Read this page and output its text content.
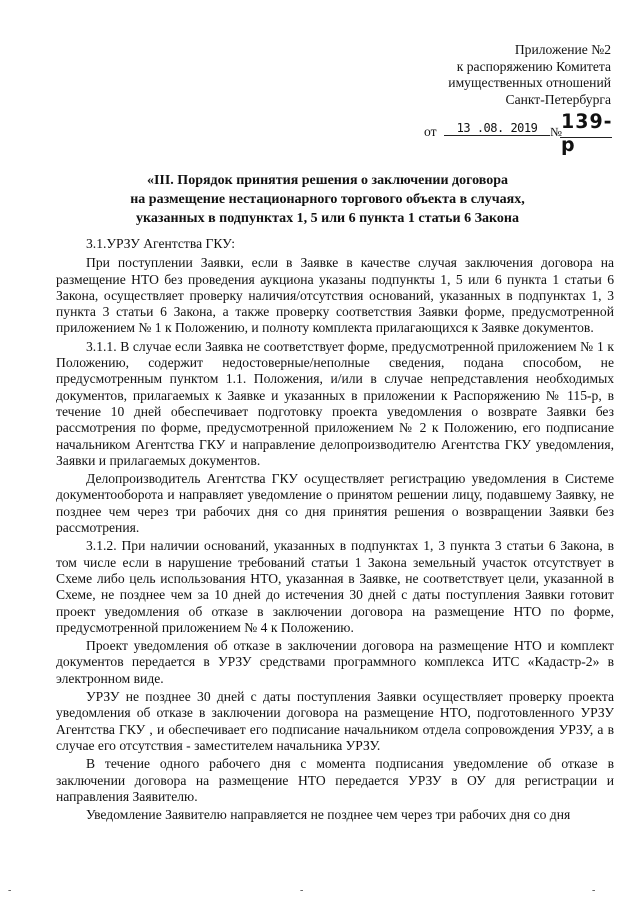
Приложение №2
к распоряжению Комитета
имущественных отношений
Санкт-Петербурга
от	13 .08. 2019	№ 139-р
«III. Порядок принятия решения о заключении договора
на размещение нестационарного торгового объекта в случаях,
указанных в подпунктах 1, 5 или 6 пункта 1 статьи 6 Закона

3.1.УРЗУ Агентства ГКУ:

При поступлении Заявки, если в Заявке в качестве случая заключения договора на размещение НТО без проведения аукциона указаны подпункты 1, 5 или 6 пункта 1 статьи 6 Закона, осуществляет проверку наличия/отсутствия оснований, указанных в подпунктах 1, 3 пункта 3 статьи 6 Закона, а также проверку соответствия Заявки форме, предусмотренной приложением № 1 к Положению, и полноту комплекта прилагающихся к Заявке документов.

3.1.1. В случае если Заявка не соответствует форме, предусмотренной приложением № 1 к Положению, содержит недостоверные/неполные сведения, подана способом, не предусмотренным пунктом 1.1. Положения, и/или в случае непредставления необходимых документов, прилагаемых к Заявке и указанных в приложении к Распоряжению № 115-р, в течение 10 дней обеспечивает подготовку проекта уведомления о возврате Заявки без рассмотрения по форме, предусмотренной приложением № 2 к Положению, его подписание начальником Агентства ГКУ и направление делопроизводителю Агентства ГКУ уведомления, Заявки и прилагаемых документов.

Делопроизводитель Агентства ГКУ осуществляет регистрацию уведомления в Системе документооборота и направляет уведомление о принятом решении лицу, подавшему Заявку, не позднее чем через три рабочих дня со дня принятия решения о возвращении Заявки без рассмотрения.

3.1.2. При наличии оснований, указанных в подпунктах 1, 3 пункта 3 статьи 6 Закона, в том числе если в нарушение требований статьи 1 Закона земельный участок отсутствует в Схеме либо цель использования НТО, указанная в Заявке, не соответствует цели, указанной в Схеме, не позднее чем за 10 дней до истечения 30 дней с даты поступления Заявки готовит проект уведомления об отказе в заключении договора на размещение НТО по форме, предусмотренной приложением № 4 к Положению.

Проект уведомления об отказе в заключении договора на размещение НТО и комплект документов передается в УРЗУ средствами программного комплекса ИТС «Кадастр-2» в электронном виде.

УРЗУ не позднее 30 дней с даты поступления Заявки осуществляет проверку проекта уведомления об отказе в заключении договора на размещение НТО, подготовленного УРЗУ Агентства ГКУ , и обеспечивает его подписание начальником отдела сопровождения УРЗУ, а в случае его отсутствия - заместителем начальника УРЗУ.

В течение одного рабочего дня с момента подписания уведомление об отказе в заключении договора на размещение НТО передается УРЗУ в ОУ для регистрации и направления Заявителю.

Уведомление Заявителю направляется не позднее чем через три рабочих дня со дня

-	-	-
